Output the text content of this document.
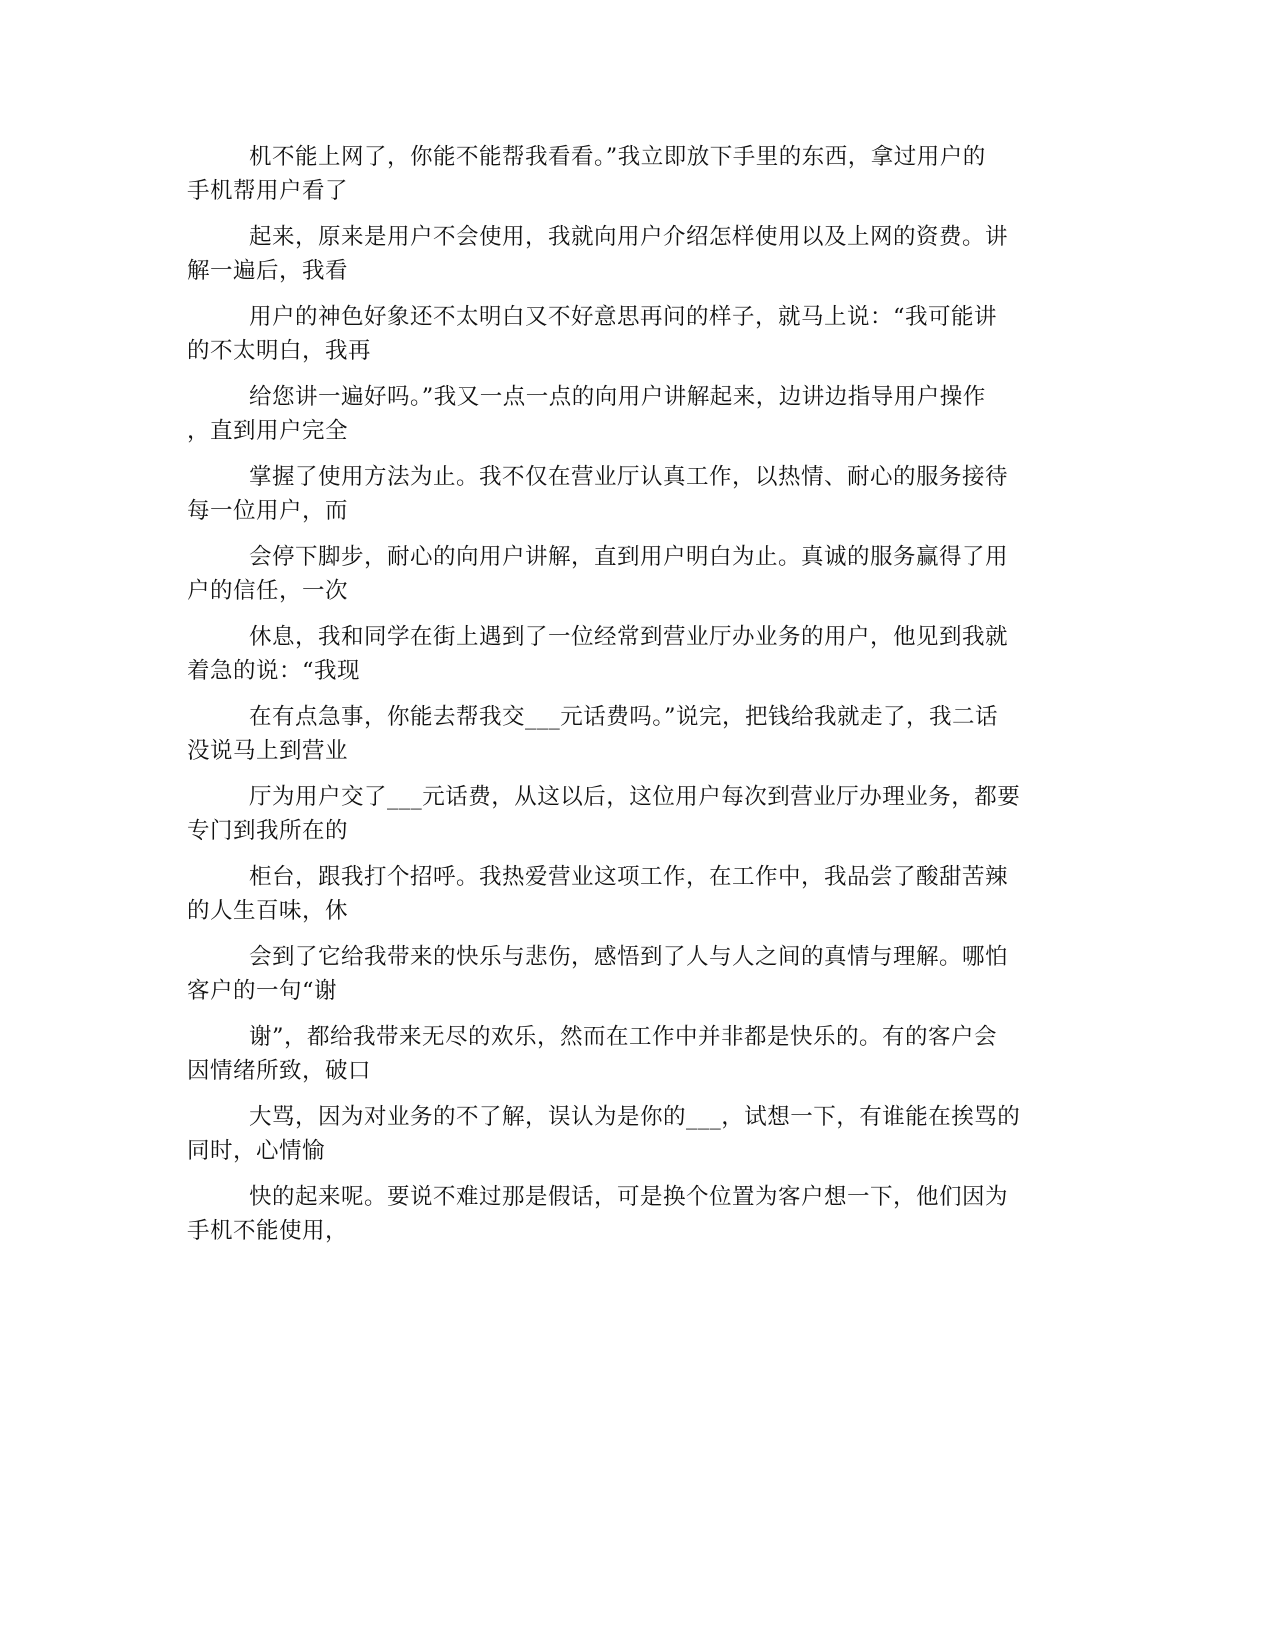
机不能上网了，你能不能帮我看看。”我立即放下手里的东西，拿过用户的
手机帮用户看了

起来，原来是用户不会使用，我就向用户介绍怎样使用以及上网的资费。讲
解一遍后，我看

用户的神色好象还不太明白又不好意思再问的样子，就马上说：“我可能讲
的不太明白，我再

给您讲一遍好吗。”我又一点一点的向用户讲解起来，边讲边指导用户操作
，直到用户完全

掌握了使用方法为止。我不仅在营业厅认真工作，以热情、耐心的服务接待
每一位用户，而

会停下脚步，耐心的向用户讲解，直到用户明白为止。真诚的服务赢得了用
户的信任，一次

休息，我和同学在街上遇到了一位经常到营业厅办业务的用户，他见到我就
着急的说：“我现

在有点急事，你能去帮我交___元话费吗。”说完，把钱给我就走了，我二话
没说马上到营业

厅为用户交了___元话费，从这以后，这位用户每次到营业厅办理业务，都要
专门到我所在的

柜台，跟我打个招呼。我热爱营业这项工作，在工作中，我品尝了酸甜苦辣
的人生百味，休

会到了它给我带来的快乐与悲伤，感悟到了人与人之间的真情与理解。哪怕
客户的一句“谢

谢”，都给我带来无尽的欢乐，然而在工作中并非都是快乐的。有的客户会
因情绪所致，破口

大骂，因为对业务的不了解，误认为是你的___，试想一下，有谁能在挨骂的
同时，心情愉

快的起来呢。要说不难过那是假话，可是换个位置为客户想一下，他们因为
手机不能使用，
